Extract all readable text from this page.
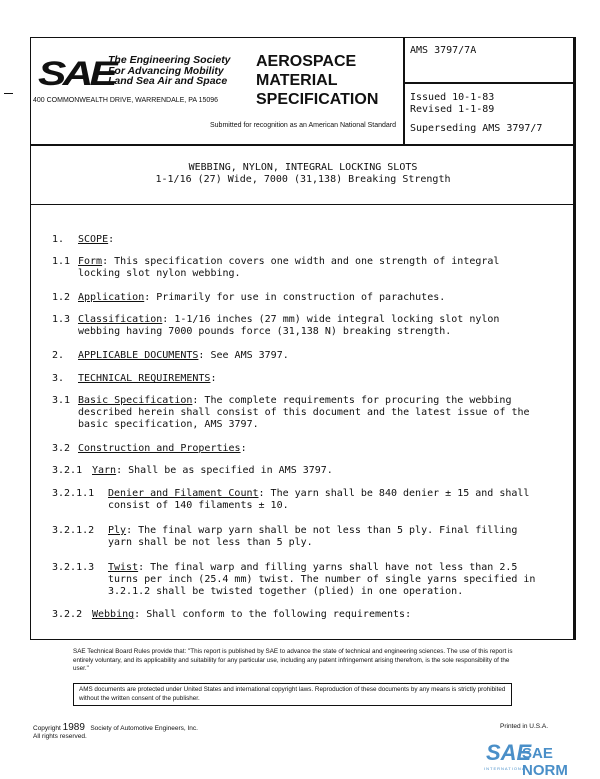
SAE
The Engineering Society
For Advancing Mobility
Land Sea Air and Space
400 COMMONWEALTH DRIVE, WARRENDALE, PA 15096
AEROSPACE
MATERIAL
SPECIFICATION
Submitted for recognition as an American National Standard
AMS 3797/7A
Issued 10-1-83
Revised 1-1-89
Superseding AMS 3797/7
WEBBING, NYLON, INTEGRAL LOCKING SLOTS
1-1/16 (27) Wide, 7000 (31,138) Breaking Strength
1. SCOPE:
1.1 Form: This specification covers one width and one strength of integral
locking slot nylon webbing.
1.2 Application: Primarily for use in construction of parachutes.
1.3 Classification: 1-1/16 inches (27 mm) wide integral locking slot nylon
webbing having 7000 pounds force (31,138 N) breaking strength.
2. APPLICABLE DOCUMENTS: See AMS 3797.
3. TECHNICAL REQUIREMENTS:
3.1 Basic Specification: The complete requirements for procuring the webbing
described herein shall consist of this document and the latest issue of the
basic specification, AMS 3797.
3.2 Construction and Properties:
3.2.1 Yarn: Shall be as specified in AMS 3797.
3.2.1.1 Denier and Filament Count: The yarn shall be 840 denier ± 15 and shall
consist of 140 filaments ± 10.
3.2.1.2 Ply: The final warp yarn shall be not less than 5 ply. Final filling
yarn shall be not less than 5 ply.
3.2.1.3 Twist: The final warp and filling yarns shall have not less than 2.5
turns per inch (25.4 mm) twist. The number of single yarns specified in
3.2.1.2 shall be twisted together (plied) in one operation.
3.2.2 Webbing: Shall conform to the following requirements:
SAE Technical Board Rules provide that: "This report is published by SAE to advance the state of technical and engineering sciences. The use of this report is entirely voluntary, and its applicability and suitability for any particular use, including any patent infringement arising therefrom, is the sole responsibility of the user."
AMS documents are protected under United States and international copyright laws. Reproduction of these documents by any means is strictly prohibited without the written consent of the publisher.
Copyright 1989 Society of Automotive Engineers, Inc.
All rights reserved.
Printed in U.S.A.
SAE
SAE NORM
INTERNATIONAL
